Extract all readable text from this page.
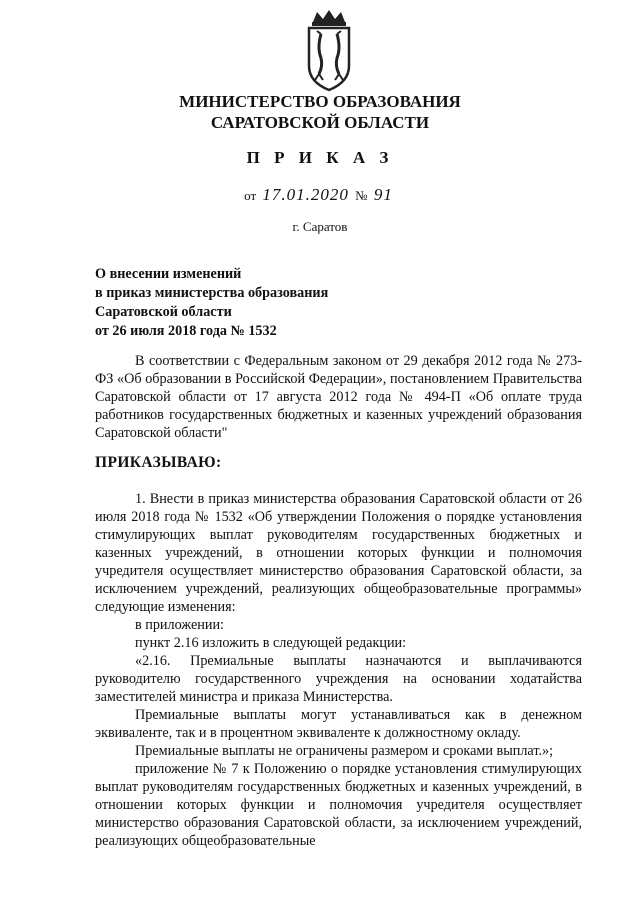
МИНИСТЕРСТВО ОБРАЗОВАНИЯ
САРАТОВСКОЙ ОБЛАСТИ
П Р И К А З
от 17.01.2020 № 91
г. Саратов
О внесении изменений
в приказ министерства образования
Саратовской области
от 26 июля 2018 года № 1532
В соответствии с Федеральным законом от 29 декабря 2012 года № 273-ФЗ «Об образовании в Российской Федерации», постановлением Правительства Саратовской области от 17 августа 2012 года № 494-П «Об оплате труда работников государственных бюджетных и казенных учреждений образования Саратовской области"
ПРИКАЗЫВАЮ:

1. Внести в приказ министерства образования Саратовской области от 26 июля 2018 года № 1532 «Об утверждении Положения о порядке установления стимулирующих выплат руководителям государственных бюджетных и казенных учреждений, в отношении которых функции и полномочия учредителя осуществляет министерство образования Саратовской области, за исключением учреждений, реализующих общеобразовательные программы» следующие изменения:

в приложении:

пункт 2.16 изложить в следующей редакции:

«2.16. Премиальные выплаты назначаются и выплачиваются руководителю государственного учреждения на основании ходатайства заместителей министра и приказа Министерства.

Премиальные выплаты могут устанавливаться как в денежном эквиваленте, так и в процентном эквиваленте к должностному окладу.

Премиальные выплаты не ограничены размером и сроками выплат.»;

приложение № 7 к Положению о порядке установления стимулирующих выплат руководителям государственных бюджетных и казенных учреждений, в отношении которых функции и полномочия учредителя осуществляет министерство образования Саратовской области, за исключением учреждений, реализующих общеобразовательные
